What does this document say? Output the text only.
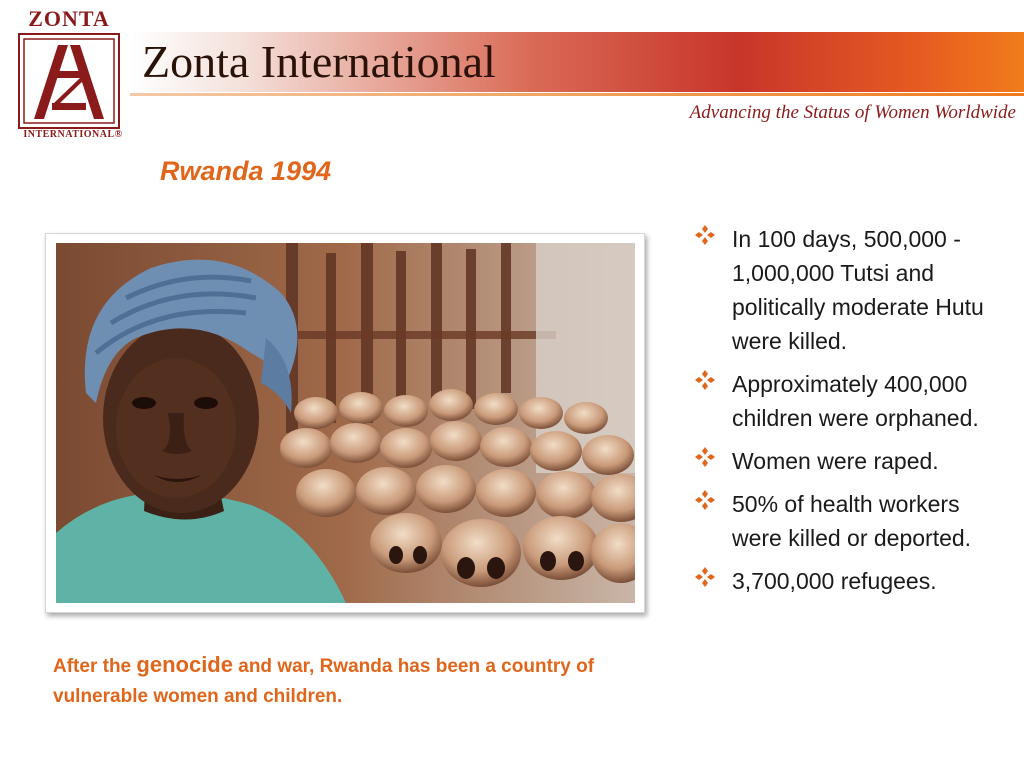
ZONTA
INTERNATIONAL®
Zonta International
Advancing the Status of Women Worldwide
Rwanda 1994
After the genocide and war, Rwanda has been a country of vulnerable women and children.
In 100 days, 500,000 - 1,000,000 Tutsi and politically moderate Hutu were killed.
Approximately 400,000 children were orphaned.
Women were raped.
50% of health workers were killed or deported.
3,700,000 refugees.
